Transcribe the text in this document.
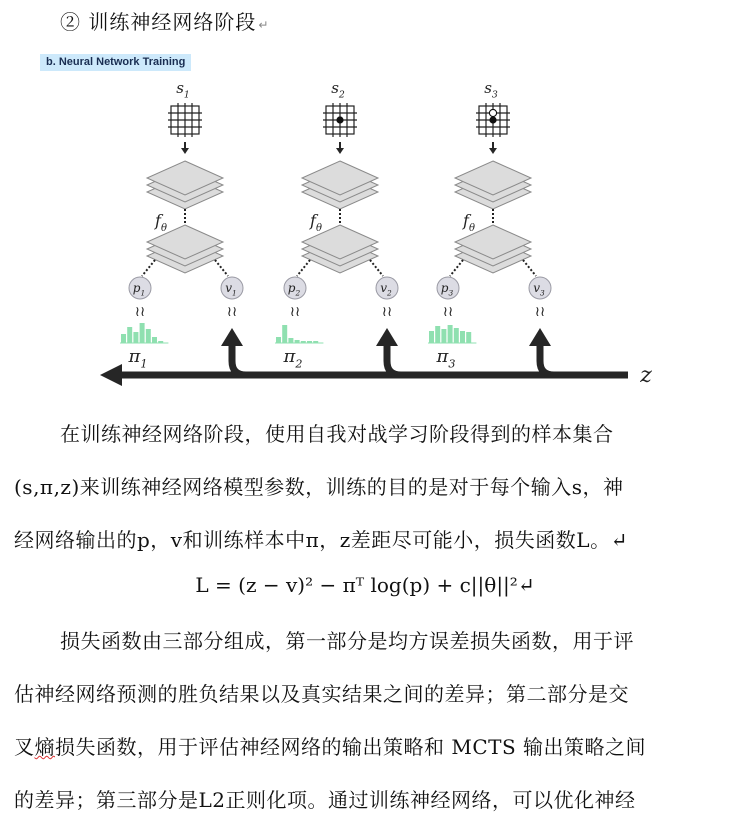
② 训练神经网络阶段 ↵
b. Neural Network Training
$s_1$
$f_\theta$
$p_1$	$v_1$
≀≀	≀≀
$\pi_1$
$s_2$
$f_\theta$
$p_2$	$v_2$
≀≀	≀≀
$\pi_2$
$s_3$
$f_\theta$
$p_3$	$v_3$
≀≀	≀≀
$\pi_3$	z
在训练神经网络阶段，使用自我对战学习阶段得到的样本集合
(s,π,z)来训练神经网络模型参数，训练的目的是对于每个输入s，神
经网络输出的p，v和训练样本中π，z差距尽可能小，损失函数L。↵
L = (z − v)² − πᵀ log(p) + c||θ||²↵
损失函数由三部分组成，第一部分是均方误差损失函数，用于评
估神经网络预测的胜负结果以及真实结果之间的差异；第二部分是交
叉熵损失函数，用于评估神经网络的输出策略和 MCTS 输出策略之间
的差异；第三部分是L2正则化项。通过训练神经网络，可以优化神经
